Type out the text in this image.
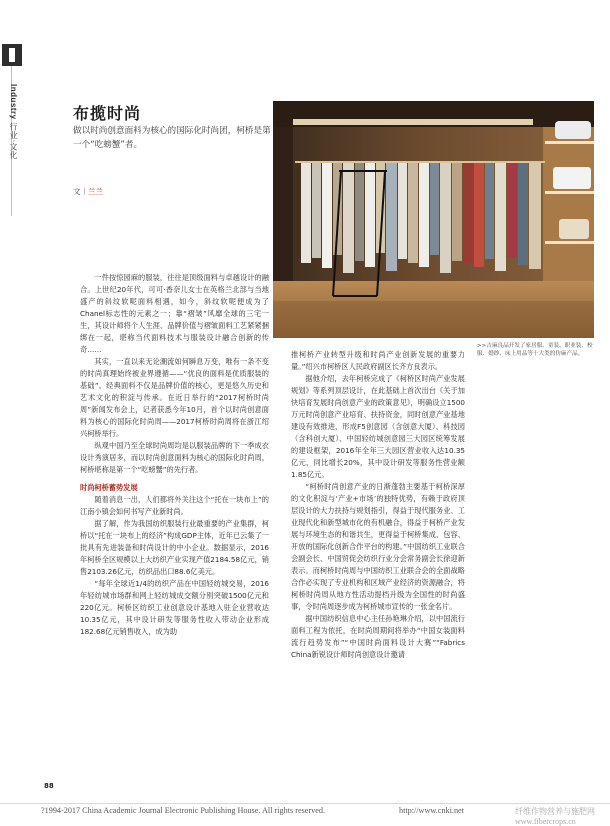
Industry 行业·文化
布揽时尚
做以时尚创意面料为核心的国际化时尚团，柯桥是第一个“吃螃蟹”者。
文｜兰兰
>>吉麻良品开发了家居服、童装、职业装、校服、婚纱、床上用品等十大类的仿麻产品。

一件按惊园麻的服装，往往是顶级面料与卓越设计的融合。上世纪20年代，可可·香奈儿女士在英格兰北部与当地盛产的斜纹软呢面料相遇，如今，斜纹软呢便成为了Chanel标志性的元素之一；靠“褶皱”风靡全球的三宅一生，其设计师将个人生涯、品牌价值与褶皱面料工艺紧紧捆绑在一起，堪称当代面料技术与服装设计融合创新的传奇……

其实，一直以来无论潮流如何瞬息万变，唯有一条不变的时尚真理始终被业界遵循——“优良的面料是优质服装的基础”。经典面料不仅是品牌价值的核心，更是悠久历史和艺术文化的积淀与传承。在近日举行的“2017柯桥时尚周”新闻发布会上，记者获悉今年10月，首个以时尚创意面料为核心的国际化时尚周——2017柯桥时尚周将在浙江绍兴柯桥举行。

纵观中国乃至全球时尚周均是以服装品牌的下一季成衣设计秀演居多，而以时尚创意面料为核心的国际化时尚周，柯桥堪称是第一个“吃螃蟹”的先行者。

时尚柯桥蓄势发展

随着消息一出，人们都将外关注这个“托在一块布上”的江南小镇会如何书写产业新时尚。

据了解，作为我国纺织服装行业最重要的产业集群，柯桥以“托在一块布上的经济”构成GDP主体，近年已云集了一批具有先进装备和时尚设计的中小企业。数据显示，2016年柯桥全区规模以上大纺织产业实现产值2184.58亿元，销售2103.26亿元，纺织品出口88.6亿美元。

“每年全球近1/4的纺织产品在中国轻纺城交易，2016年轻纺城市场群和网上轻纺城成交额分别突破1500亿元和220亿元。柯桥区纺织工业创意设计基地入驻企业营收达10.35亿元，其中设计研发等服务性收入带动企业形成182.68亿元销售收入，成为助

推柯桥产业转型升级和时尚产业创新发展的重要力量。”绍兴市柯桥区人民政府副区长齐方良表示。

据他介绍，去年柯桥完成了《柯桥区时尚产业发展规划》等系列顶层设计，在此基础上首次出台《关于加快培育发展时尚创意产业的政策意见》，明确设立1500万元时尚创意产业培育、扶持资金，同时创意产业基地建设有效推进，形成F5创意园（含创意大厦）、科技园（含科创大厦）、中国轻纺城创意园三大园区统筹发展的建设框架，2016年全年三大园区营业收入达10.35亿元，同比增长20%，其中设计研发等服务性营业额1.85亿元。

“柯桥时尚创意产业的日渐蓬勃主要基于柯桥深厚的文化积淀与‘产业+市场’的独特优势，有赖于政府顶层设计的大力扶持与规划指引，得益于现代服务业、工业现代化和新型城市化的有机融合，得益于柯桥产业发展与环境生态的和谐共生，更得益于柯桥集成、包容、开放的国际化创新合作平台的构建。”中国纺织工业联合会副会长、中国贸促会纺织行业分会常务副会长徐迎新表示。而柯桥时尚周与中国纺织工业联合会的全面战略合作必实现了专业机构和区域产业经济的资源融合，将柯桥时尚周从地方性活动提档升级为全国性的时尚盛事，令时尚周逐步成为柯桥城市宣传的一张金名片。

据中国纺织信息中心主任孙艳琳介绍，以中国流行面料工程为依托，在时尚周期间将举办“中国女装面料流行趋势发布”“中国时尚面料设计大赛”“Fabrics China新锐设计师时尚创意设计邀请

88
?1994-2017 China Academic Journal Electronic Publishing House. All rights reserved.	http://www.cnki.net	纤维作物营养与施肥网 www.fibercrops.cn
